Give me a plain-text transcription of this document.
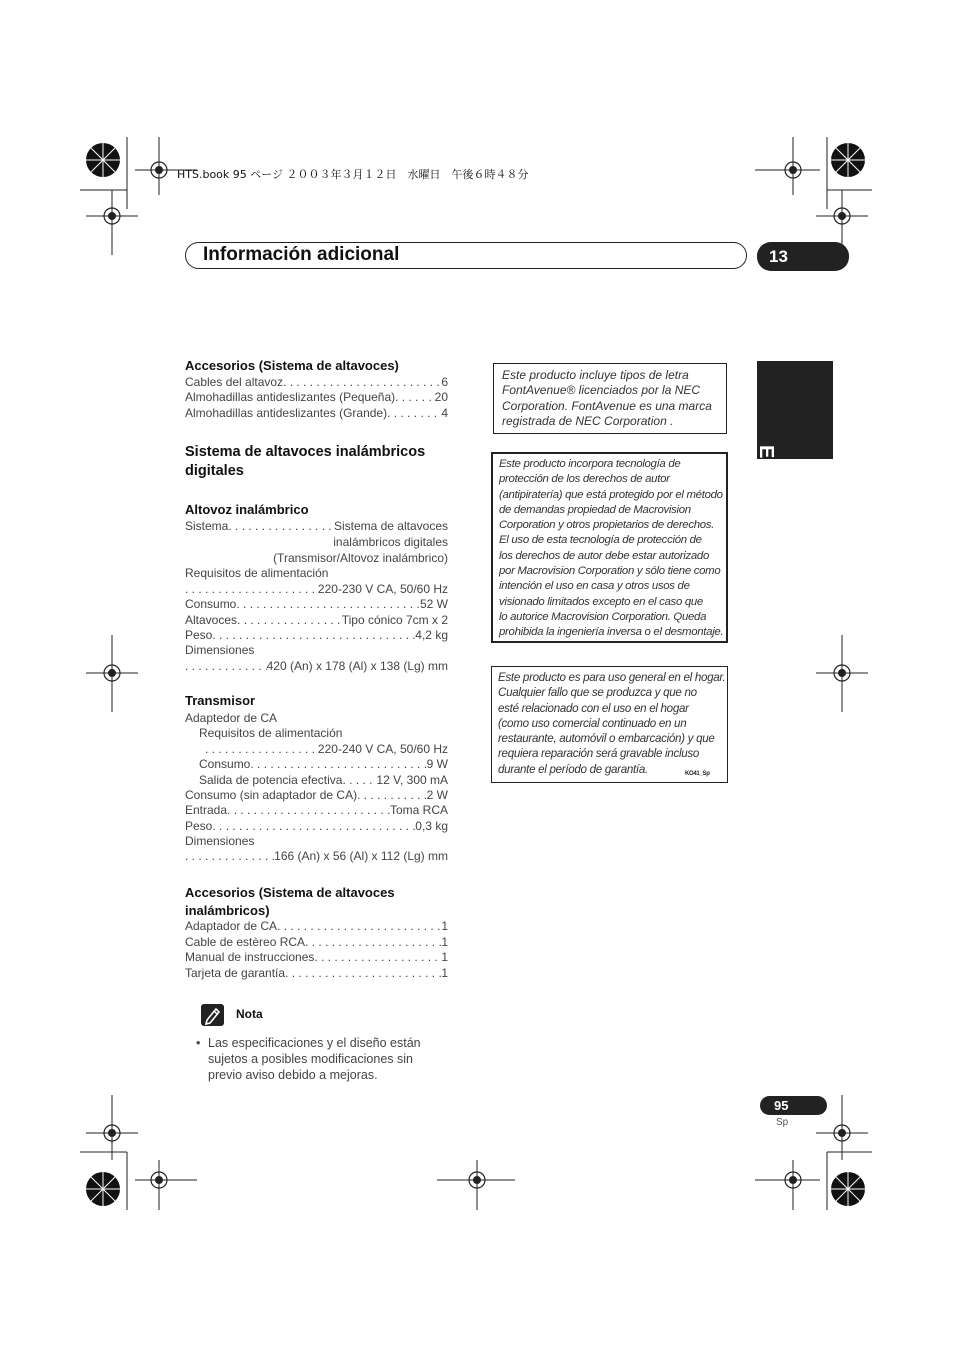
HTS.book 95 ページ ２００３年３月１２日　水曜日　午後６時４８分
Información adicional	13
Español
Accesorios (Sistema de altavoces)
Cables del altavoz . . .	6
Almohadillas antideslizantes (Pequeña) . . .	20
Almohadillas antideslizantes (Grande) . . .	4
Sistema de altavoces inalámbricos
digitales
Altovoz inalámbrico
Sistema . . .	Sistema de altavoces
inalámbricos digitales
(Transmisor/Altovoz inalámbrico)
Requisitos de alimentación
. . .
220-230 V CA, 50/60 Hz
Consumo . . .	52 W
Altavoces . . .	Tipo cónico 7cm x 2
Peso . . .	4,2 kg
Dimensiones
. . .
420 (An) x 178 (Al) x 138 (Lg) mm
Transmisor
Adaptedor de CA
Requisitos de alimentación
. . .
220-240 V CA, 50/60 Hz
Consumo . . .	9 W
Salida de potencia efectiva . . .	12 V, 300 mA
Consumo (sin adaptador de CA) . . .	2 W
Entrada . . .	Toma RCA
Peso . . .	0,3 kg
Dimensiones
. . .
166 (An) x 56 (Al) x 112 (Lg) mm
Accesorios (Sistema de altavoces
inalámbricos)
Adaptador de CA . . .	1
Cable de estèreo RCA . . .	1
Manual de instrucciones . . .	1
Tarjeta de garantía . . .	1
Nota
• Las especificaciones y el diseño están
sujetos a posibles modificaciones sin
previo aviso debido a mejoras.

Este producto incluye tipos de letra

FontAvenue® licenciados por la NEC

Corporation. FontAvenue es una marca

registrada de NEC Corporation .

Este producto incorpora tecnología de

protección de los derechos de autor

(antipiratería) que está protegido por el método

de demandas propiedad de Macrovision

Corporation y otros propietarios de derechos.

El uso de esta tecnología de protección de

los derechos de autor debe estar autorizado

por Macrovision Corporation y sólo tiene como

intención el uso en casa y otros usos de

visionado limitados excepto en el caso que

lo autorice Macrovision Corporation. Queda

prohibida la ingeniería inversa o el desmontaje.

Este producto es para uso general en el hogar.

Cualquier fallo que se produzca y que no

esté relacionado con el uso en el hogar

(como uso comercial continuado en un

restaurante, automóvil o embarcación) y que

requiera reparación será gravable incluso

durante el período de garantía.	KO41_Sp
95
Sp
